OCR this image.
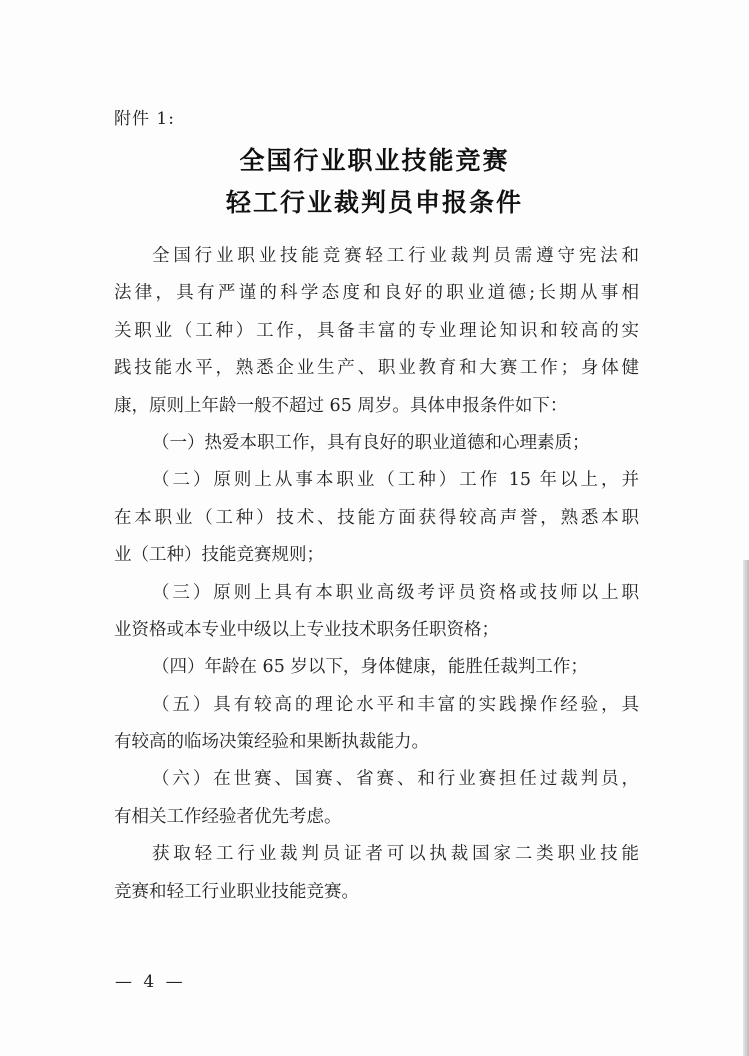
附件 1:
全国行业职业技能竞赛
轻工行业裁判员申报条件
全国行业职业技能竞赛轻工行业裁判员需遵守宪法和
法律，具有严谨的科学态度和良好的职业道德;长期从事相
关职业（工种）工作，具备丰富的专业理论知识和较高的实
践技能水平，熟悉企业生产、职业教育和大赛工作；身体健
康，原则上年龄一般不超过 65 周岁。具体申报条件如下：
（一）热爱本职工作，具有良好的职业道德和心理素质；
（二）原则上从事本职业（工种）工作 15 年以上，并
在本职业（工种）技术、技能方面获得较高声誉，熟悉本职
业（工种）技能竞赛规则；
（三）原则上具有本职业高级考评员资格或技师以上职
业资格或本专业中级以上专业技术职务任职资格；
（四）年龄在 65 岁以下，身体健康，能胜任裁判工作；
（五）具有较高的理论水平和丰富的实践操作经验，具
有较高的临场决策经验和果断执裁能力。
（六）在世赛、国赛、省赛、和行业赛担任过裁判员，
有相关工作经验者优先考虑。
获取轻工行业裁判员证者可以执裁国家二类职业技能
竞赛和轻工行业职业技能竞赛。
— 4 —
